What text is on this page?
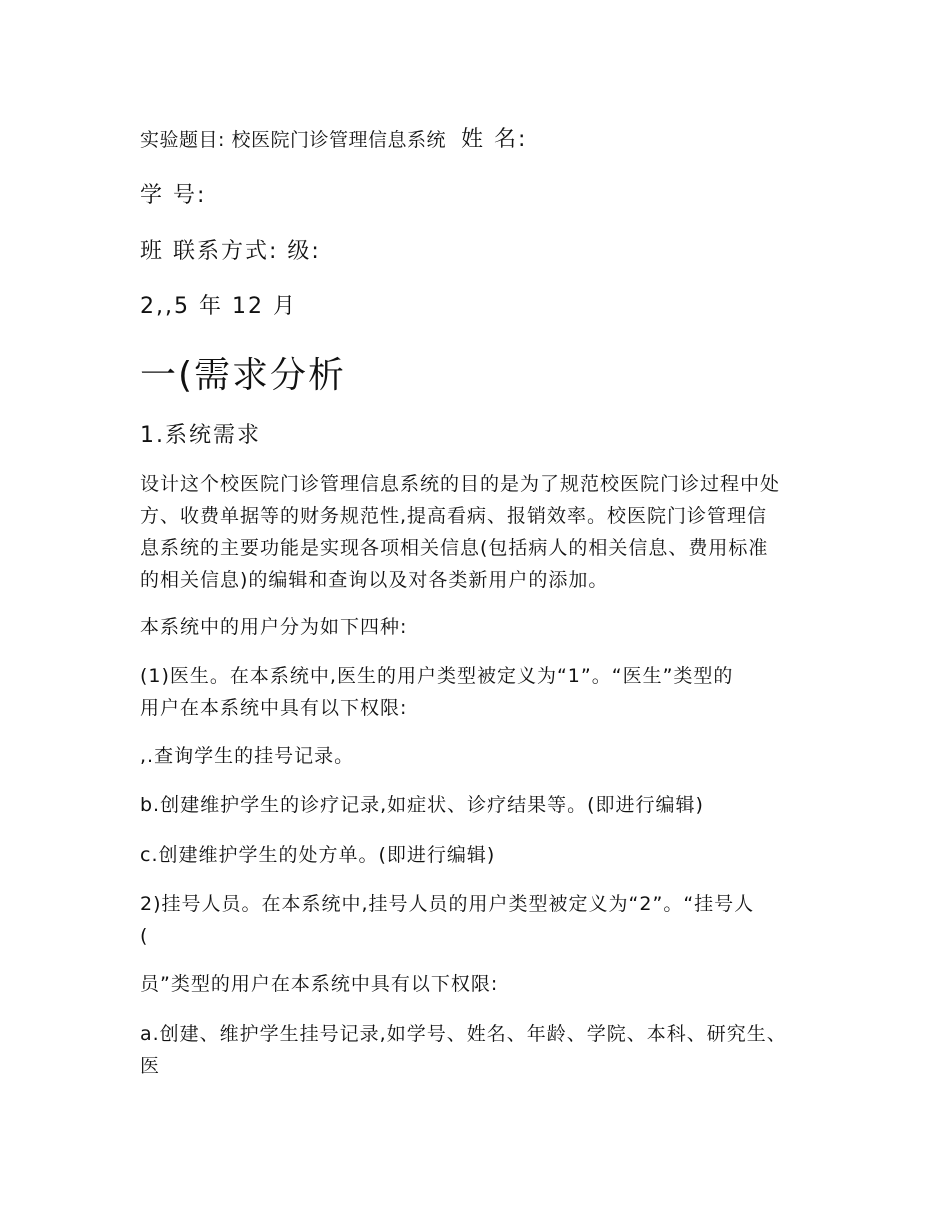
实验题目: 校医院门诊管理信息系统 姓 名:
学 号:
班 联系方式: 级:
2,,5 年 12 月
一(需求分析
1.系统需求

设计这个校医院门诊管理信息系统的目的是为了规范校医院门诊过程中处

方、收费单据等的财务规范性,提高看病、报销效率。校医院门诊管理信

息系统的主要功能是实现各项相关信息(包括病人的相关信息、费用标准

的相关信息)的编辑和查询以及对各类新用户的添加。

本系统中的用户分为如下四种:

(1)医生。在本系统中,医生的用户类型被定义为“1”。“医生”类型的

用户在本系统中具有以下权限:

,.查询学生的挂号记录。

b.创建维护学生的诊疗记录,如症状、诊疗结果等。(即进行编辑)

c.创建维护学生的处方单。(即进行编辑)

2)挂号人员。在本系统中,挂号人员的用户类型被定义为“2”。“挂号人

(

员”类型的用户在本系统中具有以下权限:

a.创建、维护学生挂号记录,如学号、姓名、年龄、学院、本科、研究生、

医
